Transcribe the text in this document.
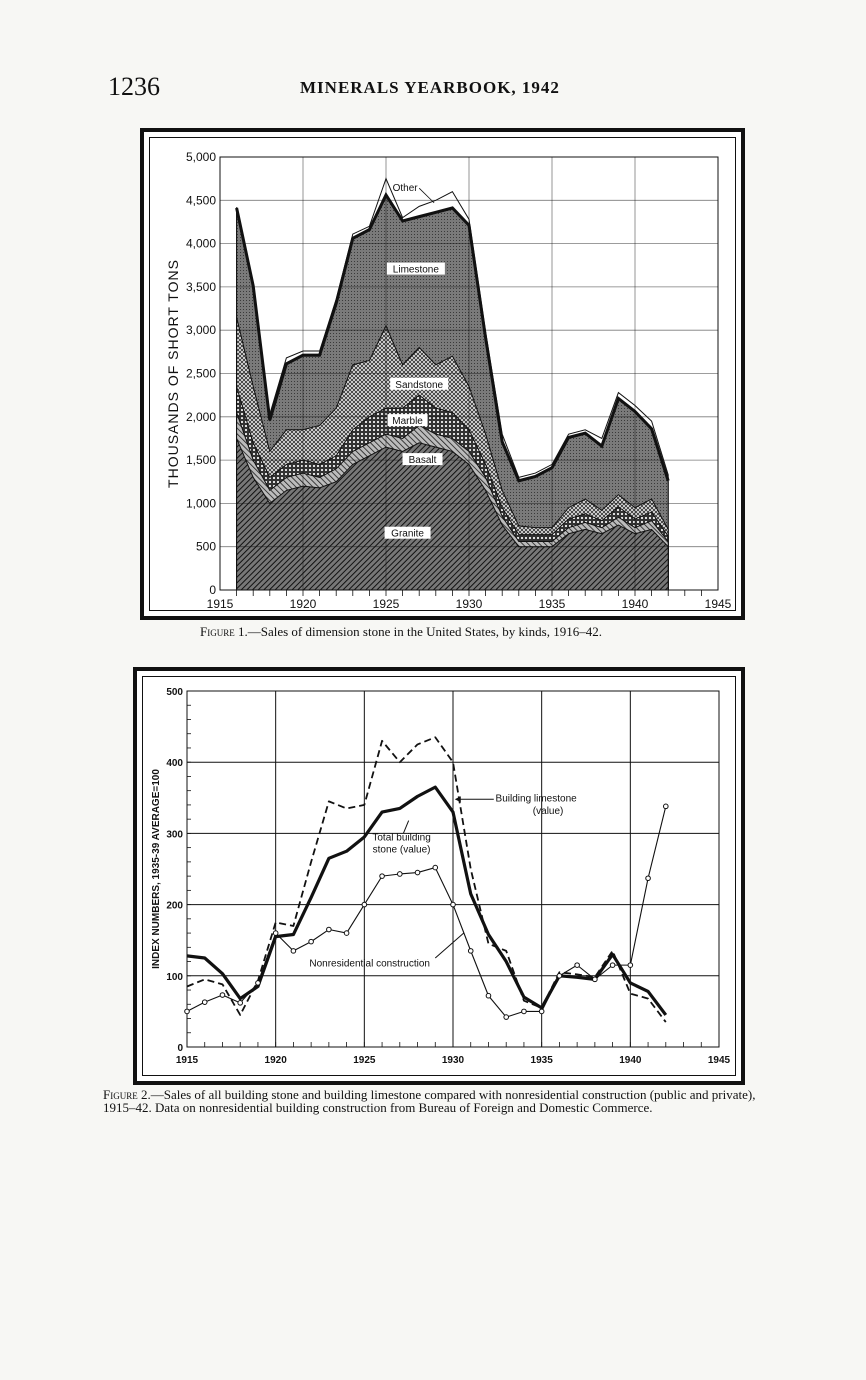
1236	MINERALS YEARBOOK, 1942
0
500
1,000
1,500
2,000
2,500
3,000
3,500
4,000
4,500
5,000
1915	1920	1925	1930	1935	1940	1945
THOUSANDS OF SHORT TONS
Granite
Basalt
Marble
Sandstone
Limestone
Other
Figure 1.—Sales of dimension stone in the United States, by kinds, 1916–42.
0
100
200
300
400
500
1915	1920	1925	1930	1935	1940	1945
INDEX NUMBERS, 1935-39 AVERAGE=100	Building limestone
(value)
Total building
stone (value)
Nonresidential construction
Figure 2.—Sales of all building stone and building limestone compared with nonresidential construction (public and private), 1915–42. Data on nonresidential building construction from Bureau of Foreign and Domestic Commerce.
